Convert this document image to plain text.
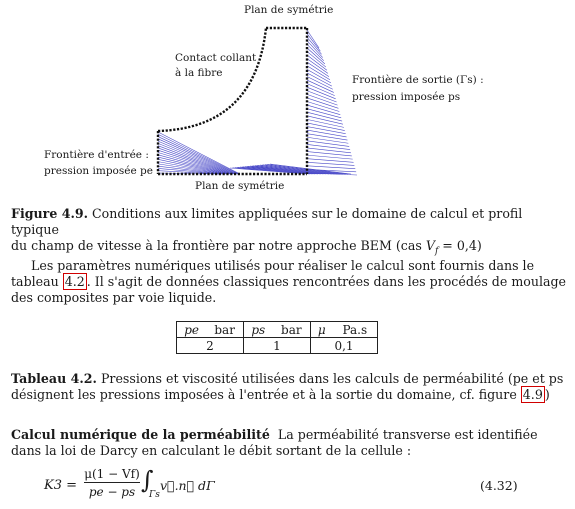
Plan de symétrie
Contact collant
à la fibre
Frontière de sortie (Γs) :
pression imposée ps
Frontière d'entrée :
pression imposée pe
Plan de symétrie
Figure 4.9. Conditions aux limites appliquées sur le domaine de calcul et profil typique
du champ de vitesse à la frontière par notre approche BEM (cas $V_f = 0,4$)
Les paramètres numériques utilisés pour réaliser le calcul sont fournis dans le
tableau 4.2 . Il s'agit de données classiques rencontrées dans les procédés de moulage
des composites par voie liquide.
pe	bar	ps	bar	μ	Pa.s
2		1		0,1	
Tableau 4.2. Pressions et viscosité utilisées dans les calculs de perméabilité (pe et ps
désignent les pressions imposées à l'entrée et à la sortie du domaine, cf. figure 4.9 )
Calcul numérique de la perméabilité La perméabilité transverse est identifiée
dans la loi de Darcy en calculant le débit sortant de la cellule :
K3 =
μ(1 − Vf)
pe − ps ∫
Γs
v⃗.n⃗ dΓ	(4.32)
